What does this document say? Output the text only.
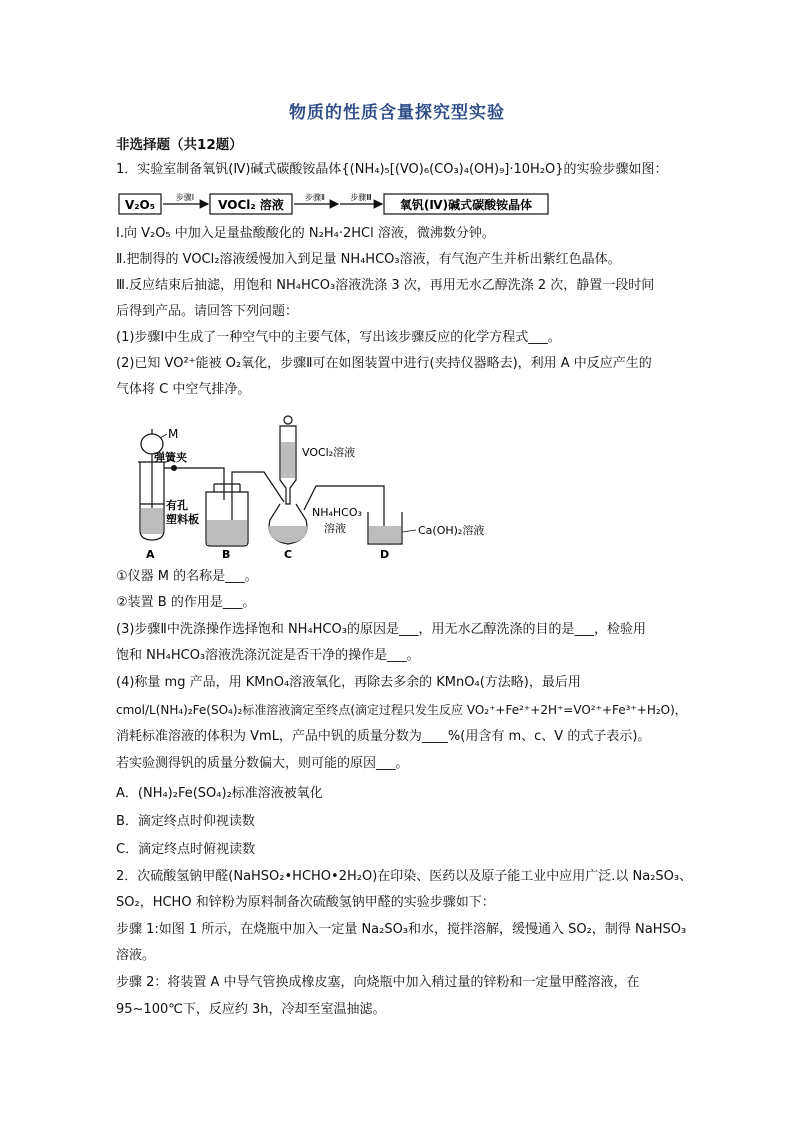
物质的性质含量探究型实验
非选择题（共12题）
1．实验室制备氧钒(Ⅳ)碱式碳酸铵晶体{(NH₄)₅[(VO)₆(CO₃)₄(OH)₉]·10H₂O}的实验步骤如图：
V₂O₅
步骤Ⅰ
VOCl₂ 溶液
步骤Ⅱ	步骤Ⅲ
氧钒(Ⅳ)碱式碳酸铵晶体
Ⅰ.向 V₂O₅ 中加入足量盐酸酸化的 N₂H₄·2HCl 溶液，微沸数分钟。
Ⅱ.把制得的 VOCl₂溶液缓慢加入到足量 NH₄HCO₃溶液，有气泡产生并析出紫红色晶体。
Ⅲ.反应结束后抽滤，用饱和 NH₄HCO₃溶液洗涤 3 次，再用无水乙醇洗涤 2 次，静置一段时间
后得到产品。请回答下列问题：
(1)步骤Ⅰ中生成了一种空气中的主要气体，写出该步骤反应的化学方程式___。
(2)已知 VO²⁺能被 O₂氧化，步骤Ⅱ可在如图装置中进行(夹持仪器略去)，利用 A 中反应产生的
气体将 C 中空气排净。
M
弹簧夹
有孔
塑料板
VOCl₂溶液
NH₄HCO₃
溶液	Ca(OH)₂溶液
A	B	C	D
①仪器 M 的名称是___。
②装置 B 的作用是___。
(3)步骤Ⅱ中洗涤操作选择饱和 NH₄HCO₃的原因是___，用无水乙醇洗涤的目的是___，检验用
饱和 NH₄HCO₃溶液洗涤沉淀是否干净的操作是___。
(4)称量 mg 产品，用 KMnO₄溶液氧化，再除去多余的 KMnO₄(方法略)，最后用
cmol/L(NH₄)₂Fe(SO₄)₂标准溶液滴定至终点(滴定过程只发生反应 VO₂⁺+Fe²⁺+2H⁺=VO²⁺+Fe³⁺+H₂O)，
消耗标准溶液的体积为 VmL，产品中钒的质量分数为____%(用含有 m、c、V 的式子表示)。
若实验测得钒的质量分数偏大，则可能的原因___。
A．(NH₄)₂Fe(SO₄)₂标准溶液被氧化
B．滴定终点时仰视读数
C．滴定终点时俯视读数
2．次硫酸氢钠甲醛(NaHSO₂•HCHO•2H₂O)在印染、医药以及原子能工业中应用广泛.以 Na₂SO₃、
SO₂，HCHO 和锌粉为原料制备次硫酸氢钠甲醛的实验步骤如下：
步骤 1:如图 1 所示，在烧瓶中加入一定量 Na₂SO₃和水，搅拌溶解，缓慢通入 SO₂，制得 NaHSO₃
溶液。
步骤 2：将装置 A 中导气管换成橡皮塞，向烧瓶中加入稍过量的锌粉和一定量甲醛溶液，在
95~100℃下，反应约 3h，冷却至室温抽滤。
